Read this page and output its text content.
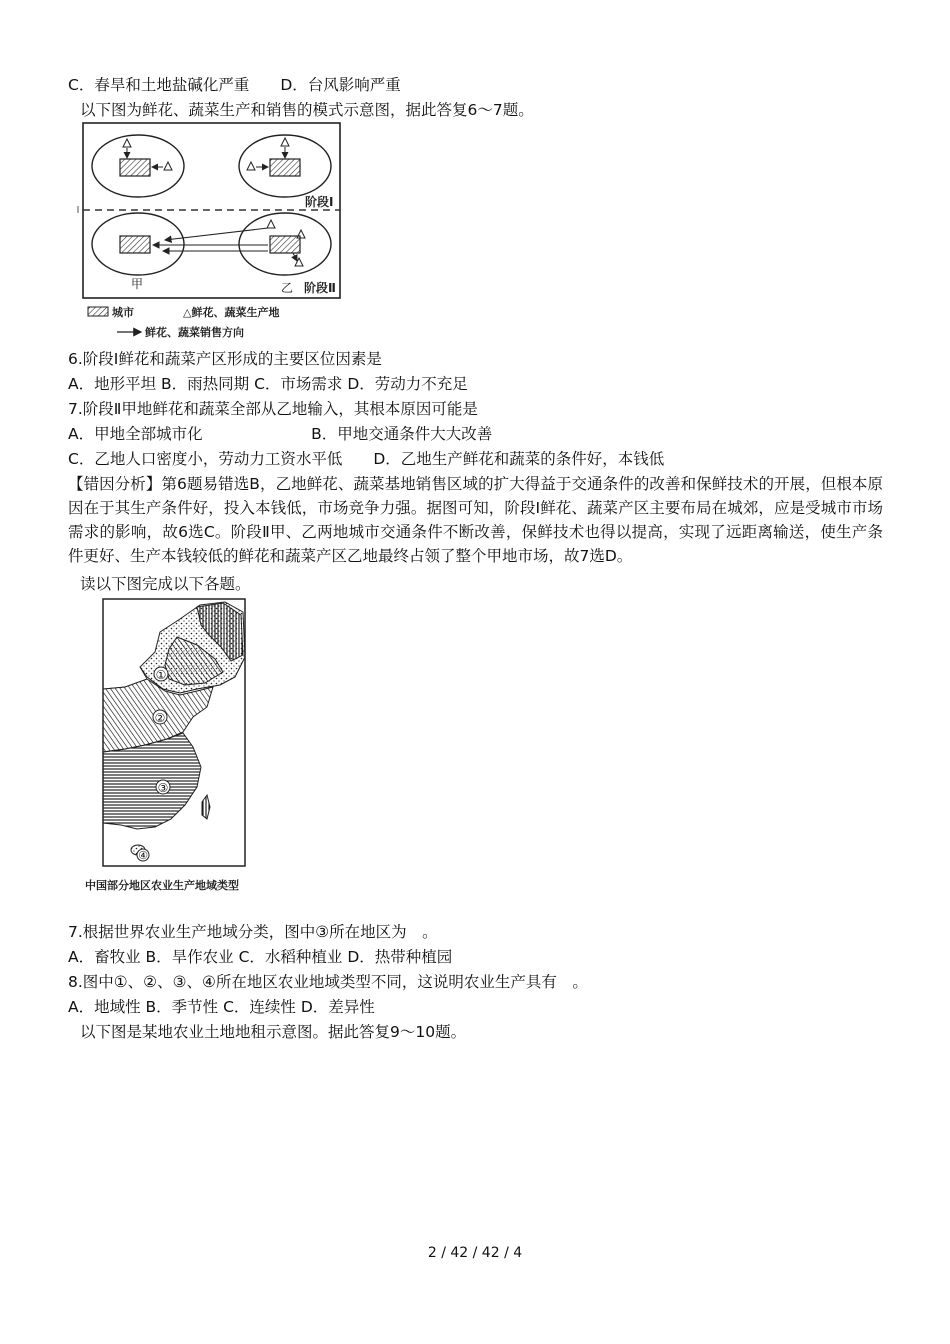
C．春旱和土地盐碱化严重　　D．台风影响严重
以下图为鲜花、蔬菜生产和销售的模式示意图，据此答复6～7题。
阶段Ⅰ
甲	乙 阶段Ⅱ
城市	△鲜花、蔬菜生产地
鲜花、蔬菜销售方向
6.阶段Ⅰ鲜花和蔬菜产区形成的主要区位因素是
A．地形平坦 B．雨热同期 C．市场需求 D．劳动力不充足
7.阶段Ⅱ甲地鲜花和蔬菜全部从乙地输入，其根本原因可能是
A．甲地全部城市化　　　　　　　B．甲地交通条件大大改善
C．乙地人口密度小，劳动力工资水平低　　D．乙地生产鲜花和蔬菜的条件好，本钱低
【错因分析】第6题易错选B，乙地鲜花、蔬菜基地销售区域的扩大得益于交通条件的改善和保鲜技术的开展，但根本原因在于其生产条件好，投入本钱低，市场竞争力强。据图可知，阶段Ⅰ鲜花、蔬菜产区主要布局在城郊，应是受城市市场需求的影响，故6选C。阶段Ⅱ甲、乙两地城市交通条件不断改善，保鲜技术也得以提高，实现了远距离输送，使生产条件更好、生产本钱较低的鲜花和蔬菜产区乙地最终占领了整个甲地市场，故7选D。
读以下图完成以下各题。
①
②
③
④
中国部分地区农业生产地域类型
7.根据世界农业生产地域分类，图中③所在地区为　。
A．畜牧业 B．旱作农业 C．水稻种植业 D．热带种植园
8.图中①、②、③、④所在地区农业地域类型不同，这说明农业生产具有　。
A．地域性 B．季节性 C．连续性 D．差异性
以下图是某地农业土地地租示意图。据此答复9～10题。
2 / 42 / 42 / 4
